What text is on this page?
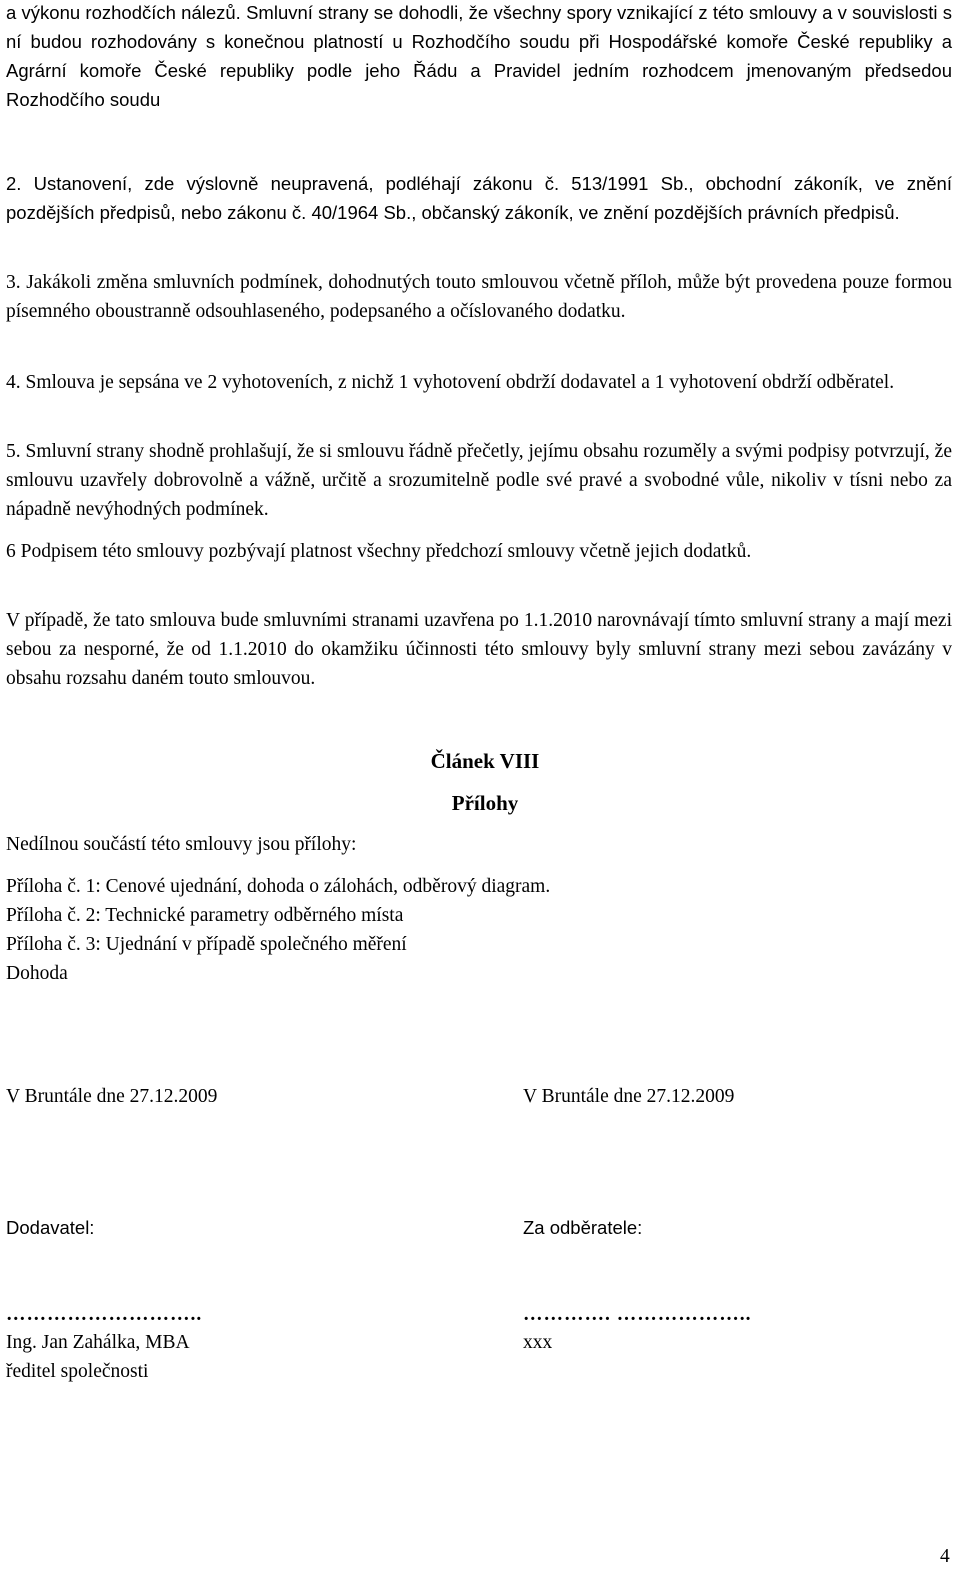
a výkonu rozhodčích nálezů. Smluvní strany se dohodli, že všechny spory vznikající z této smlouvy a v souvislosti s ní budou rozhodovány s konečnou platností u Rozhodčího soudu při Hospodářské komoře České republiky a Agrární komoře České republiky podle jeho Řádu a Pravidel jedním rozhodcem jmenovaným předsedou Rozhodčího soudu

2. Ustanovení, zde výslovně neupravená, podléhají zákonu č. 513/1991 Sb., obchodní zákoník, ve znění pozdějších předpisů, nebo zákonu č. 40/1964 Sb., občanský zákoník, ve znění pozdějších právních předpisů.

3. Jakákoli změna smluvních podmínek, dohodnutých touto smlouvou včetně příloh, může být provedena pouze formou písemného oboustranně odsouhlaseného, podepsaného a očíslovaného dodatku.

4. Smlouva je sepsána ve 2 vyhotoveních, z nichž 1 vyhotovení obdrží dodavatel a 1 vyhotovení obdrží odběratel.

5. Smluvní strany shodně prohlašují, že si smlouvu řádně přečetly, jejímu obsahu rozuměly a svými podpisy potvrzují, že smlouvu uzavřely dobrovolně a vážně, určitě a srozumitelně podle své pravé a svobodné vůle, nikoliv v tísni nebo za nápadně nevýhodných podmínek.

6 Podpisem této smlouvy pozbývají platnost všechny předchozí smlouvy včetně jejich dodatků.

V případě, že tato smlouva bude smluvními stranami uzavřena po 1.1.2010 narovnávají tímto smluvní strany a mají mezi sebou za nesporné, že od 1.1.2010 do okamžiku účinnosti této smlouvy byly smluvní strany mezi sebou zavázány v obsahu rozsahu daném touto smlouvou.

Článek VIII
Přílohy
Nedílnou součástí této smlouvy jsou přílohy:
Příloha č. 1: Cenové ujednání, dohoda o zálohách, odběrový diagram.
Příloha č. 2: Technické parametry odběrného místa
Příloha č. 3: Ujednání v případě společného měření
Dohoda
V Bruntále dne 27.12.2009	V Bruntále dne 27.12.2009
Dodavatel:	Za odběratele:
………………………..	…………. ………………..
Ing. Jan Zahálka, MBA	xxx
ředitel společnosti
4
